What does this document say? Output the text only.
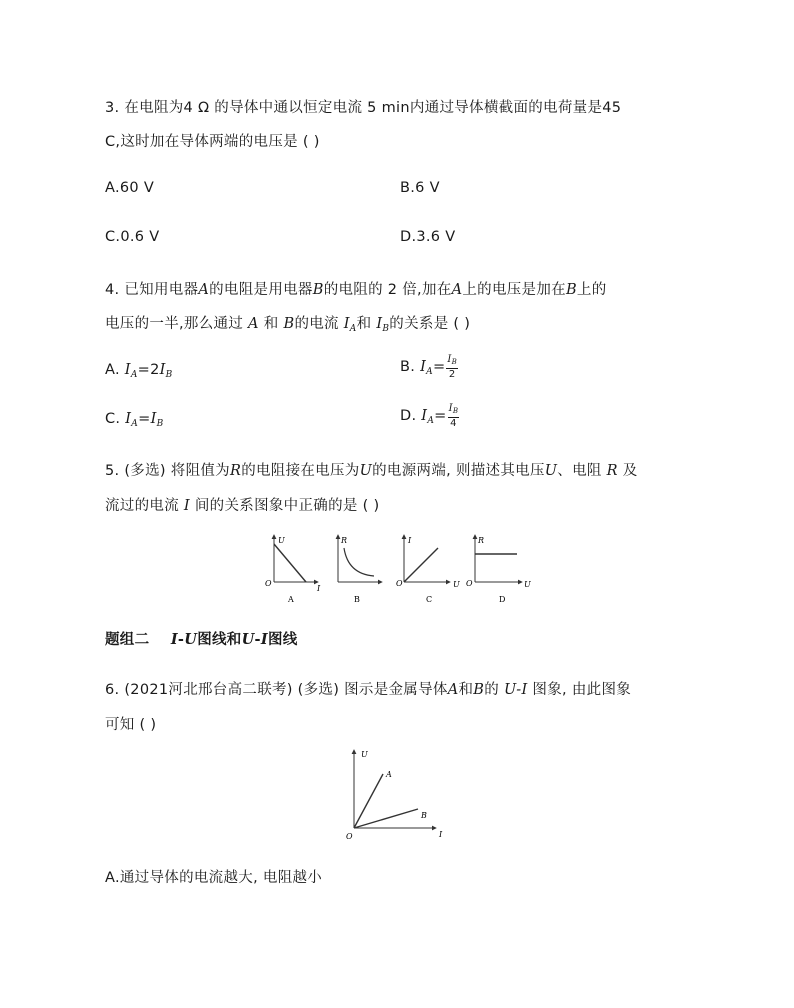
3. 在电阻为4 Ω 的导体中通以恒定电流 5 min内通过导体横截面的电荷量是45
C,这时加在导体两端的电压是 ( )
A.60 V	B.6 V
C.0.6 V	D.3.6 V
4. 已知用电器A的电阻是用电器B的电阻的 2 倍,加在A上的电压是加在B上的
电压的一半,那么通过 A 和 B的电流 $I_A$和 $I_B$的关系是 ( )
A. $I_A=2I_B$	B. $I_A= \frac{I_B}{2}$
C. $I_A=I_B$	D. $I_A= \frac{I_B}{4}$
5. (多选) 将阻值为R的电阻接在电压为U的电源两端, 则描述其电压U、电阻 R 及
流过的电流 I 间的关系图象中正确的是 ( )
U
O
I
A
R
B
I
O	U
C
R
O	U
D
题组二 I-U图线和U-I图线
6. (2021河北邢台高二联考) (多选) 图示是金属导体A和B的 U-I 图象, 由此图象
可知 ( )
U
O	I
A
B
A.通过导体的电流越大, 电阻越小
